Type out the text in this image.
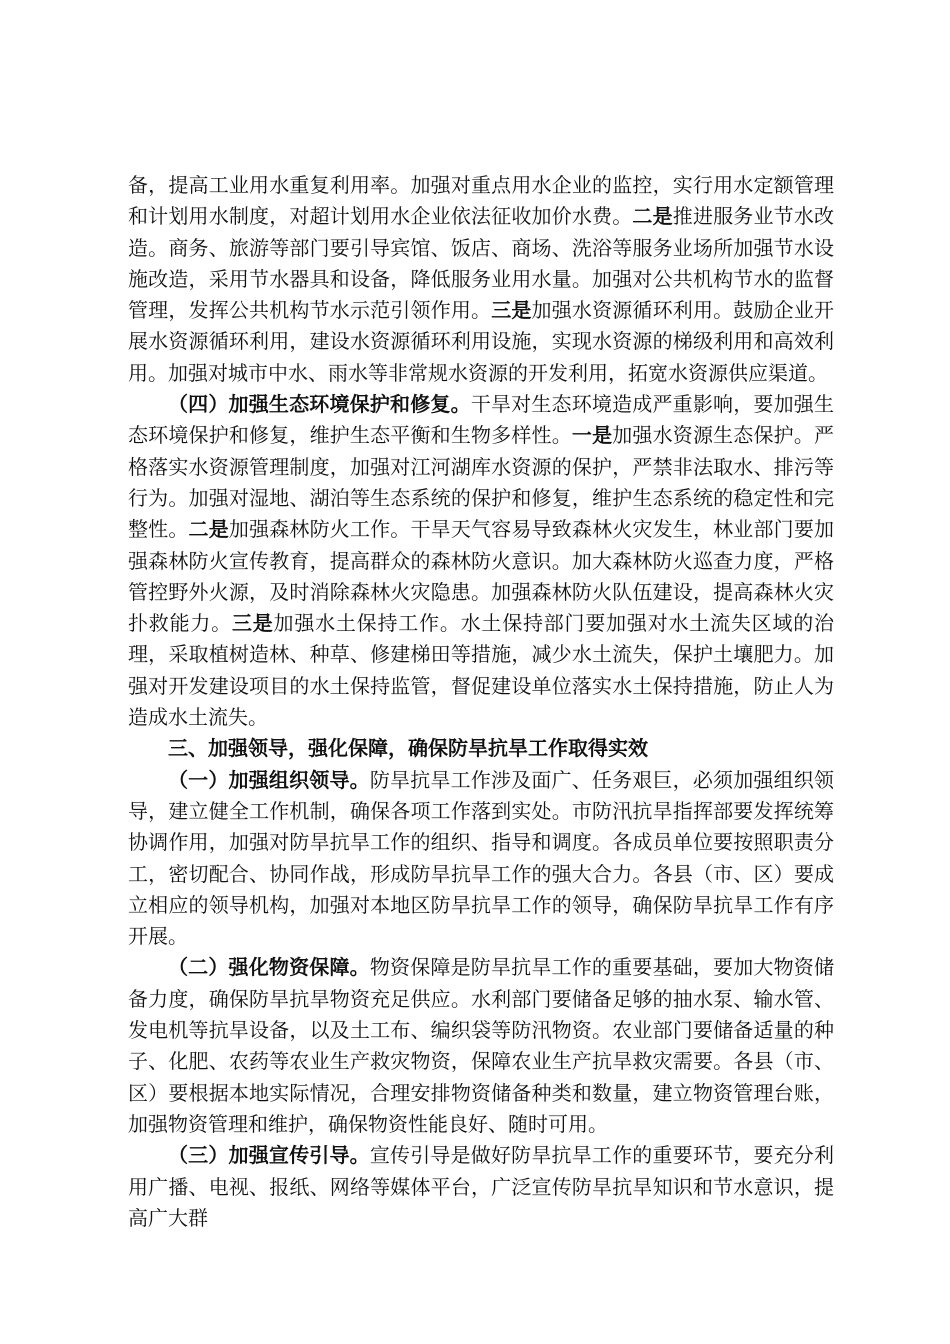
备，提高工业用水重复利用率。加强对重点用水企业的监控，实行用水定额管理和计划用水制度，对超计划用水企业依法征收加价水费。二是推进服务业节水改造。商务、旅游等部门要引导宾馆、饭店、商场、洗浴等服务业场所加强节水设施改造，采用节水器具和设备，降低服务业用水量。加强对公共机构节水的监督管理，发挥公共机构节水示范引领作用。三是加强水资源循环利用。鼓励企业开展水资源循环利用，建设水资源循环利用设施，实现水资源的梯级利用和高效利用。加强对城市中水、雨水等非常规水资源的开发利用，拓宽水资源供应渠道。

（四）加强生态环境保护和修复。干旱对生态环境造成严重影响，要加强生态环境保护和修复，维护生态平衡和生物多样性。一是加强水资源生态保护。严格落实水资源管理制度，加强对江河湖库水资源的保护，严禁非法取水、排污等行为。加强对湿地、湖泊等生态系统的保护和修复，维护生态系统的稳定性和完整性。二是加强森林防火工作。干旱天气容易导致森林火灾发生，林业部门要加强森林防火宣传教育，提高群众的森林防火意识。加大森林防火巡查力度，严格管控野外火源，及时消除森林火灾隐患。加强森林防火队伍建设，提高森林火灾扑救能力。三是加强水土保持工作。水土保持部门要加强对水土流失区域的治理，采取植树造林、种草、修建梯田等措施，减少水土流失，保护土壤肥力。加强对开发建设项目的水土保持监管，督促建设单位落实水土保持措施，防止人为造成水土流失。

三、加强领导，强化保障，确保防旱抗旱工作取得实效

（一）加强组织领导。防旱抗旱工作涉及面广、任务艰巨，必须加强组织领导，建立健全工作机制，确保各项工作落到实处。市防汛抗旱指挥部要发挥统筹协调作用，加强对防旱抗旱工作的组织、指导和调度。各成员单位要按照职责分工，密切配合、协同作战，形成防旱抗旱工作的强大合力。各县（市、区）要成立相应的领导机构，加强对本地区防旱抗旱工作的领导，确保防旱抗旱工作有序开展。

（二）强化物资保障。物资保障是防旱抗旱工作的重要基础，要加大物资储备力度，确保防旱抗旱物资充足供应。水利部门要储备足够的抽水泵、输水管、发电机等抗旱设备，以及土工布、编织袋等防汛物资。农业部门要储备适量的种子、化肥、农药等农业生产救灾物资，保障农业生产抗旱救灾需要。各县（市、区）要根据本地实际情况，合理安排物资储备种类和数量，建立物资管理台账，加强物资管理和维护，确保物资性能良好、随时可用。

（三）加强宣传引导。宣传引导是做好防旱抗旱工作的重要环节，要充分利用广播、电视、报纸、网络等媒体平台，广泛宣传防旱抗旱知识和节水意识，提高广大群
